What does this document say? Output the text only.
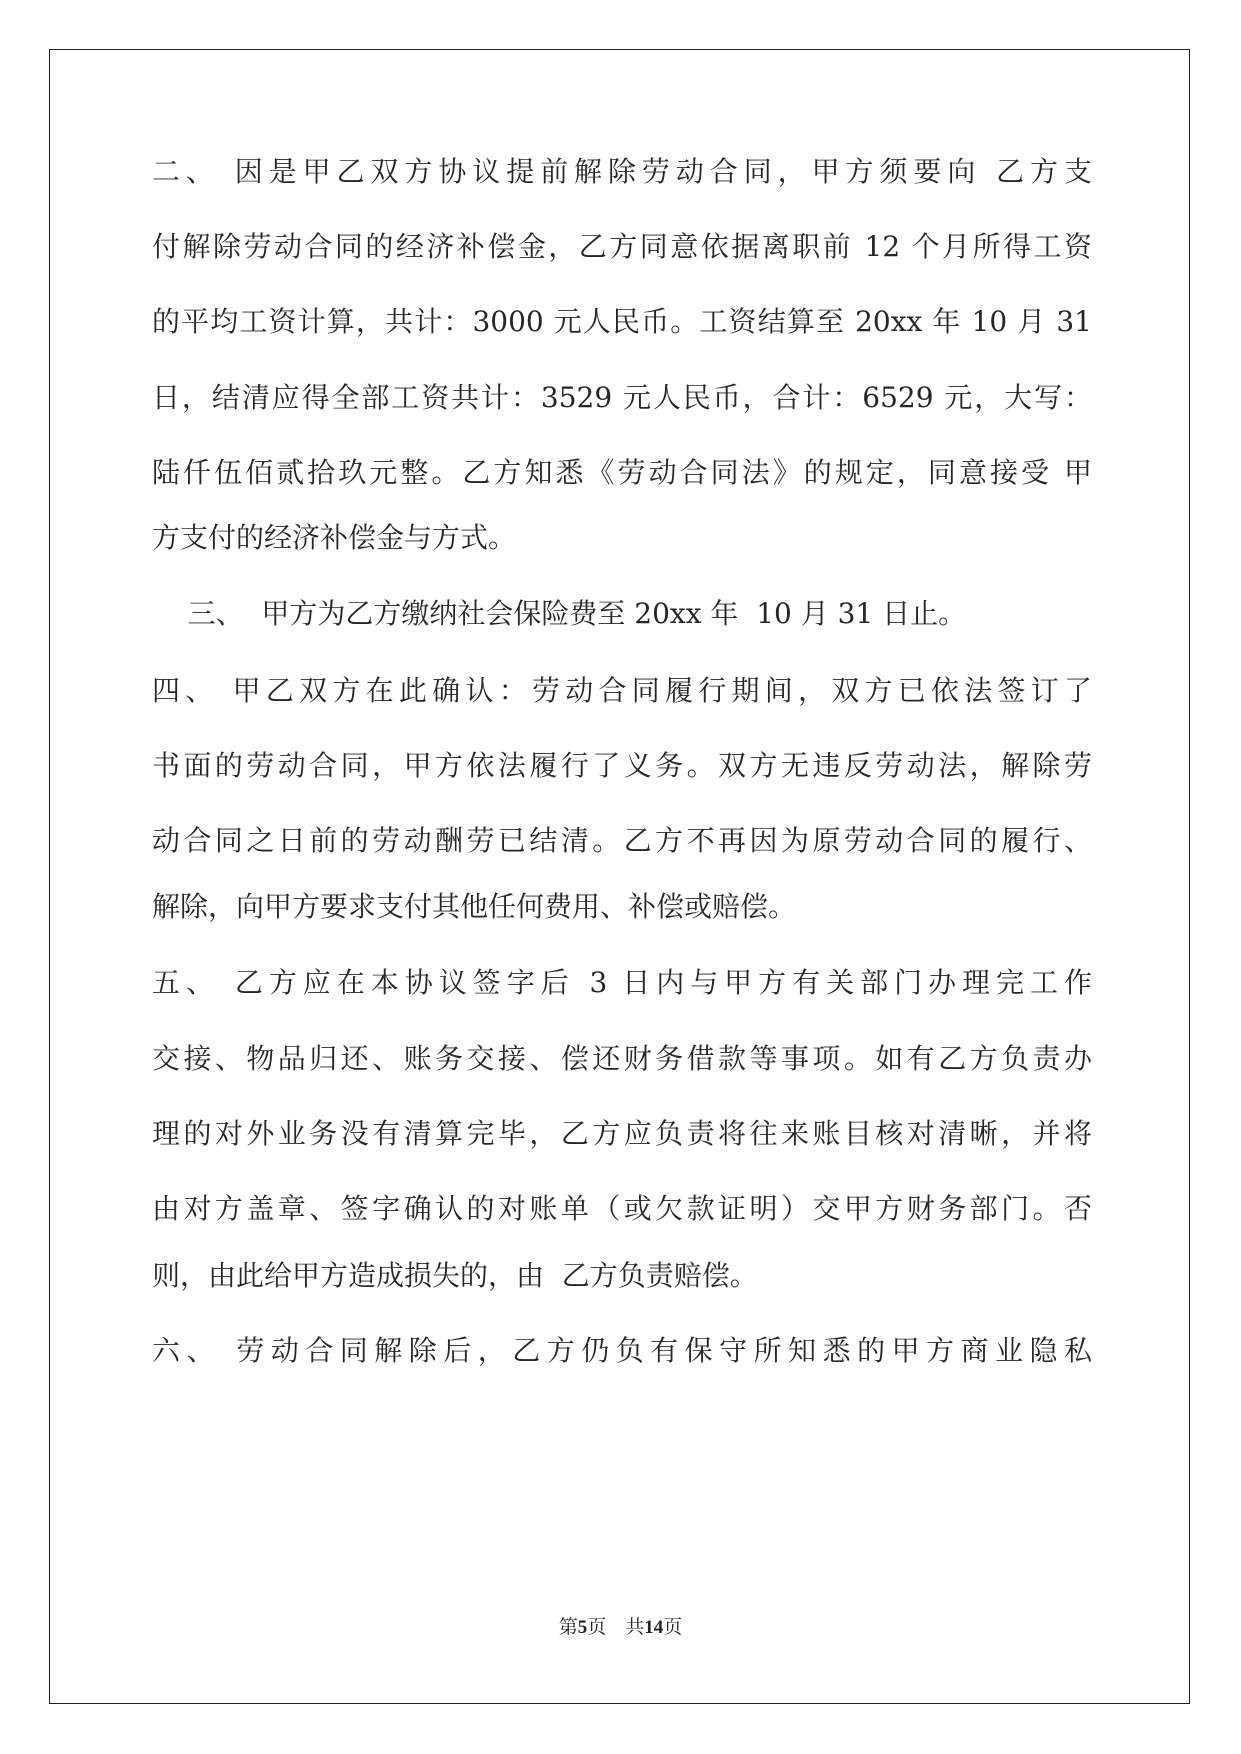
二、 因是甲乙双方协议提前解除劳动合同，甲方须要向 乙方支

付解除劳动合同的经济补偿金，乙方同意依据离职前 12 个月所得工资

的平均工资计算，共计：3000 元人民币。工资结算至 20xx 年 10 月 31

日，结清应得全部工资共计：3529 元人民币，合计：6529 元，大写：

陆仟伍佰贰拾玖元整。乙方知悉《劳动合同法》的规定，同意接受 甲

方支付的经济补偿金与方式。

三、  甲方为乙方缴纳社会保险费至 20xx 年  10 月 31 日止。

四、 甲乙双方在此确认：劳动合同履行期间，双方已依法签订了

书面的劳动合同，甲方依法履行了义务。双方无违反劳动法，解除劳

动合同之日前的劳动酬劳已结清。乙方不再因为原劳动合同的履行、

解除，向甲方要求支付其他任何费用、补偿或赔偿。

五、 乙方应在本协议签字后 3 日内与甲方有关部门办理完工作

交接、物品归还、账务交接、偿还财务借款等事项。如有乙方负责办

理的对外业务没有清算完毕，乙方应负责将往来账目核对清晰，并将

由对方盖章、签字确认的对账单（或欠款证明）交甲方财务部门。否

则，由此给甲方造成损失的，由  乙方负责赔偿。

六、 劳动合同解除后，乙方仍负有保守所知悉的甲方商业隐私

第5页　共14页
